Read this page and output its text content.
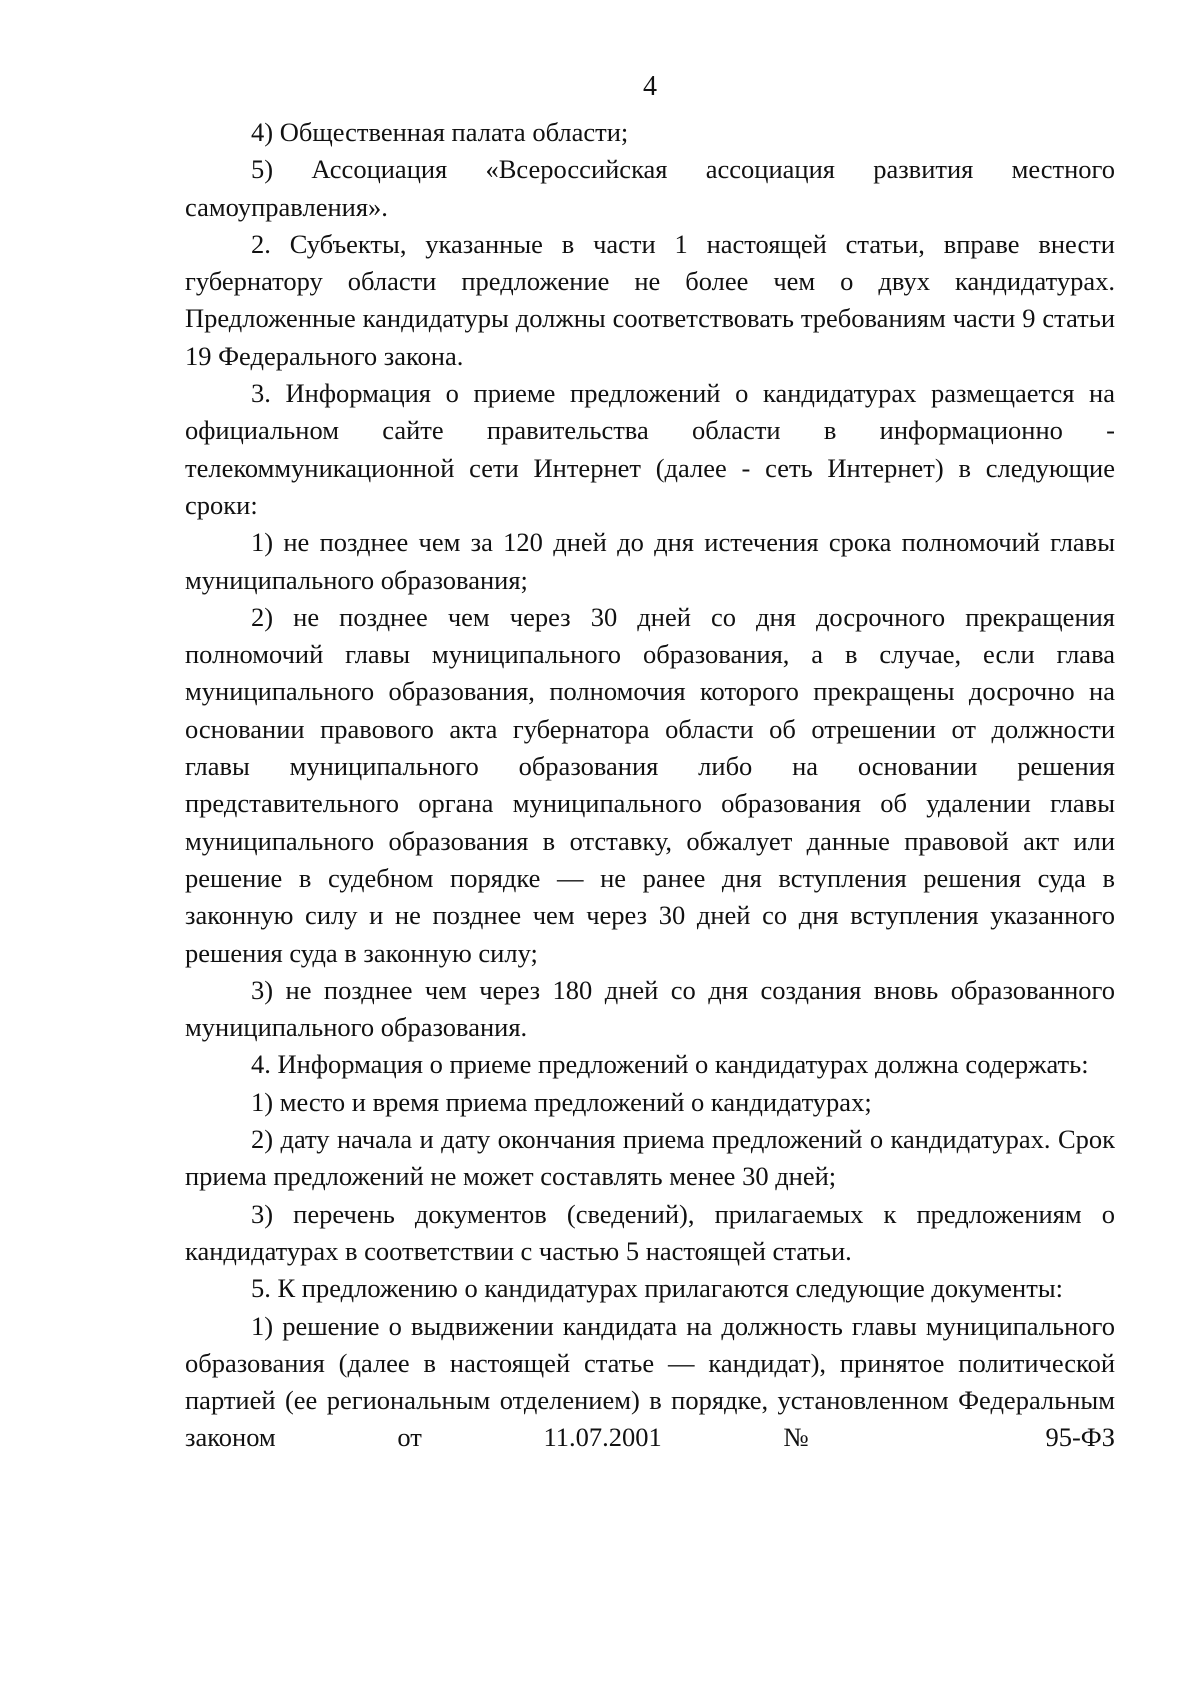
4

4) Общественная палата области;

5) Ассоциация «Всероссийская ассоциация развития местного самоуправления».

2. Субъекты, указанные в части 1 настоящей статьи, вправе внести губернатору области предложение не более чем о двух кандидатурах. Предложенные кандидатуры должны соответствовать требованиям части 9 статьи 19 Федерального закона.

3. Информация о приеме предложений о кандидатурах размещается на официальном сайте правительства области в информационно - телекоммуникационной сети Интернет (далее - сеть Интернет) в следующие сроки:

1) не позднее чем за 120 дней до дня истечения срока полномочий главы муниципального образования;

2) не позднее чем через 30 дней со дня досрочного прекращения полномочий главы муниципального образования, а в случае, если глава муниципального образования, полномочия которого прекращены досрочно на основании правового акта губернатора области об отрешении от должности главы муниципального образования либо на основании решения представительного органа муниципального образования об удалении главы муниципального образования в отставку, обжалует данные правовой акт или решение в судебном порядке — не ранее дня вступления решения суда в законную силу и не позднее чем через 30 дней со дня вступления указанного решения суда в законную силу;

3) не позднее чем через 180 дней со дня создания вновь образованного муниципального образования.

4. Информация о приеме предложений о кандидатурах должна содержать:

1) место и время приема предложений о кандидатурах;

2) дату начала и дату окончания приема предложений о кандидатурах. Срок приема предложений не может составлять менее 30 дней;

3) перечень документов (сведений), прилагаемых к предложениям о кандидатурах в соответствии с частью 5 настоящей статьи.

5. К предложению о кандидатурах прилагаются следующие документы:

1) решение о выдвижении кандидата на должность главы муниципального образования (далее в настоящей статье — кандидат), принятое политической партией (ее региональным отделением) в порядке, установленном Федеральным законом от 11.07.2001 № 95-ФЗ
